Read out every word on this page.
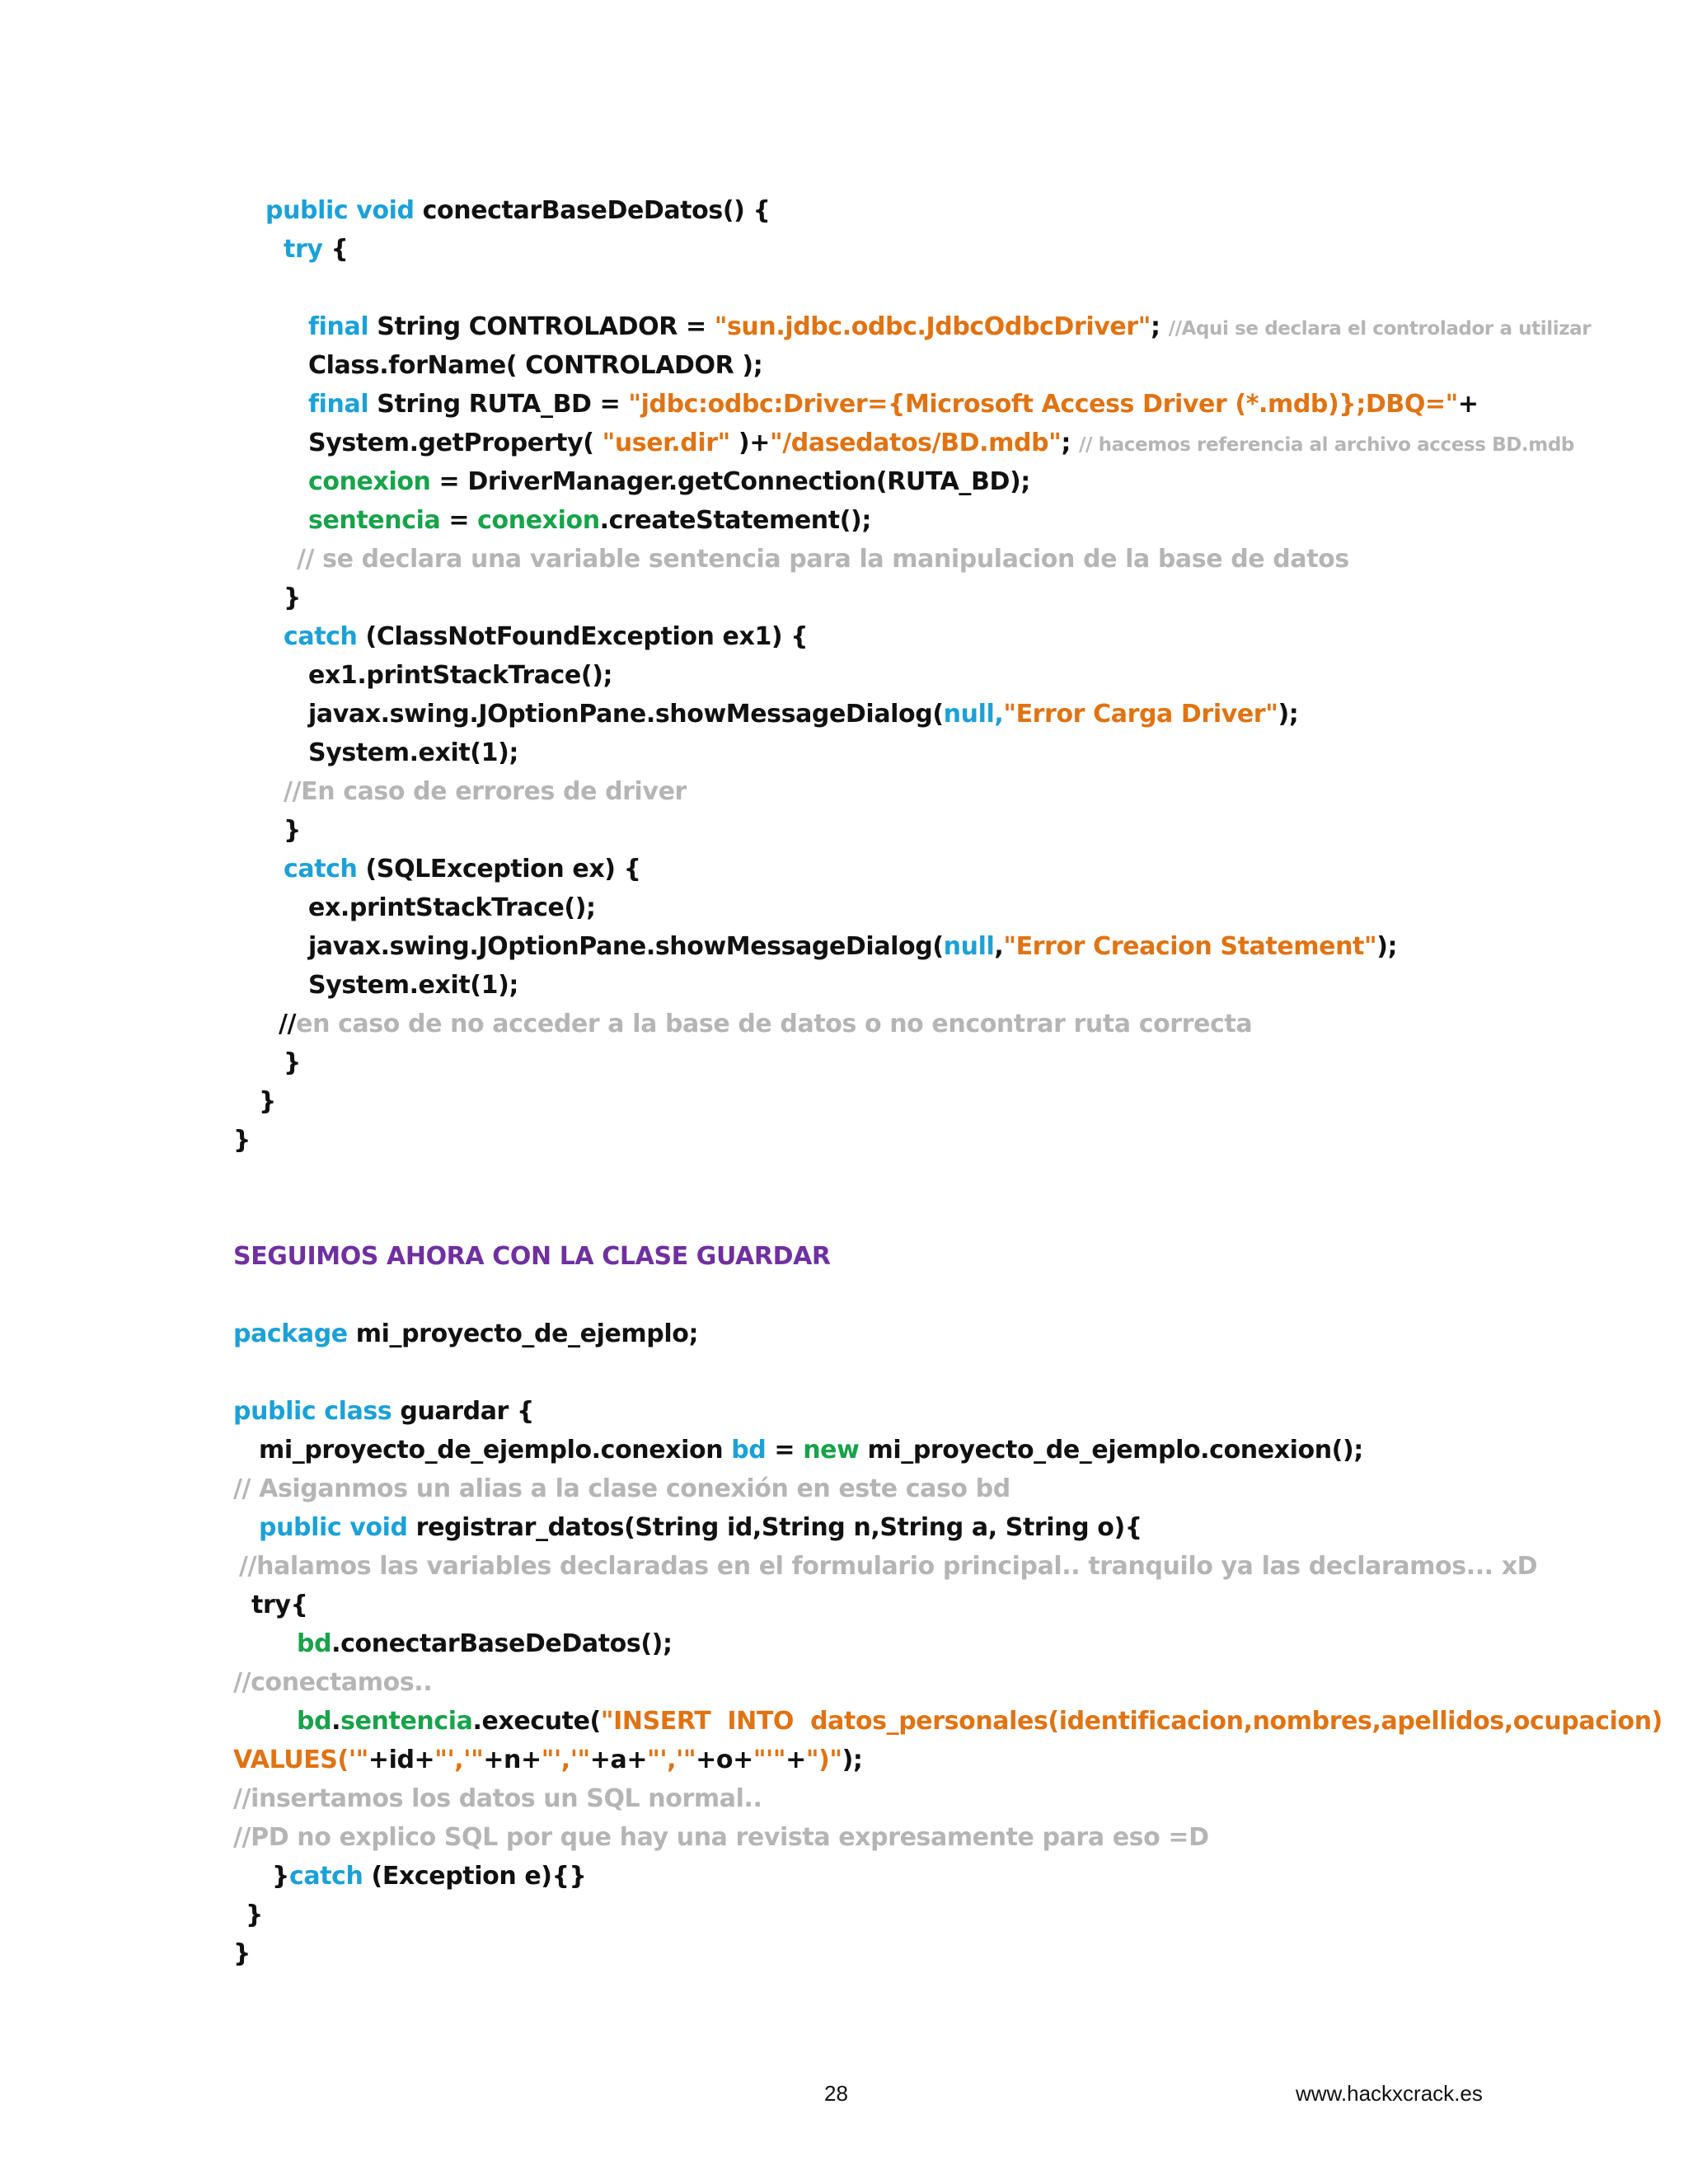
public void conectarBaseDeDatos() {
try {
final String CONTROLADOR = "sun.jdbc.odbc.JdbcOdbcDriver"; //Aqui se declara el controlador a utilizar
Class.forName( CONTROLADOR );
final String RUTA_BD = "jdbc:odbc:Driver={Microsoft Access Driver (*.mdb)};DBQ="+
System.getProperty( "user.dir" )+"/dasedatos/BD.mdb"; // hacemos referencia al archivo access BD.mdb
conexion = DriverManager.getConnection(RUTA_BD);
sentencia = conexion.createStatement();
// se declara una variable sentencia para la manipulacion de la base de datos
}
catch (ClassNotFoundException ex1) {
ex1.printStackTrace();
javax.swing.JOptionPane.showMessageDialog(null,"Error Carga Driver");
System.exit(1);
//En caso de errores de driver
}
catch (SQLException ex) {
ex.printStackTrace();
javax.swing.JOptionPane.showMessageDialog(null,"Error Creacion Statement");
System.exit(1);
//en caso de no acceder a la base de datos o no encontrar ruta correcta
}
}
}
package mi_proyecto_de_ejemplo;
public class guardar {
mi_proyecto_de_ejemplo.conexion bd = new mi_proyecto_de_ejemplo.conexion();
// Asiganmos un alias a la clase conexión en este caso bd
public void registrar_datos(String id,String n,String a, String o){
//halamos las variables declaradas en el formulario principal.. tranquilo ya las declaramos... xD
try{
bd.conectarBaseDeDatos();
//conectamos..
bd.sentencia.execute("INSERT  INTO  datos_personales(identificacion,nombres,apellidos,ocupacion)
VALUES('"+id+"','"+n+"','"+a+"','"+o+"'"+")");
//insertamos los datos un SQL normal..
//PD no explico SQL por que hay una revista expresamente para eso =D
}catch (Exception e){}
}
}
SEGUIMOS AHORA CON LA CLASE GUARDAR
28	www.hackxcrack.es
